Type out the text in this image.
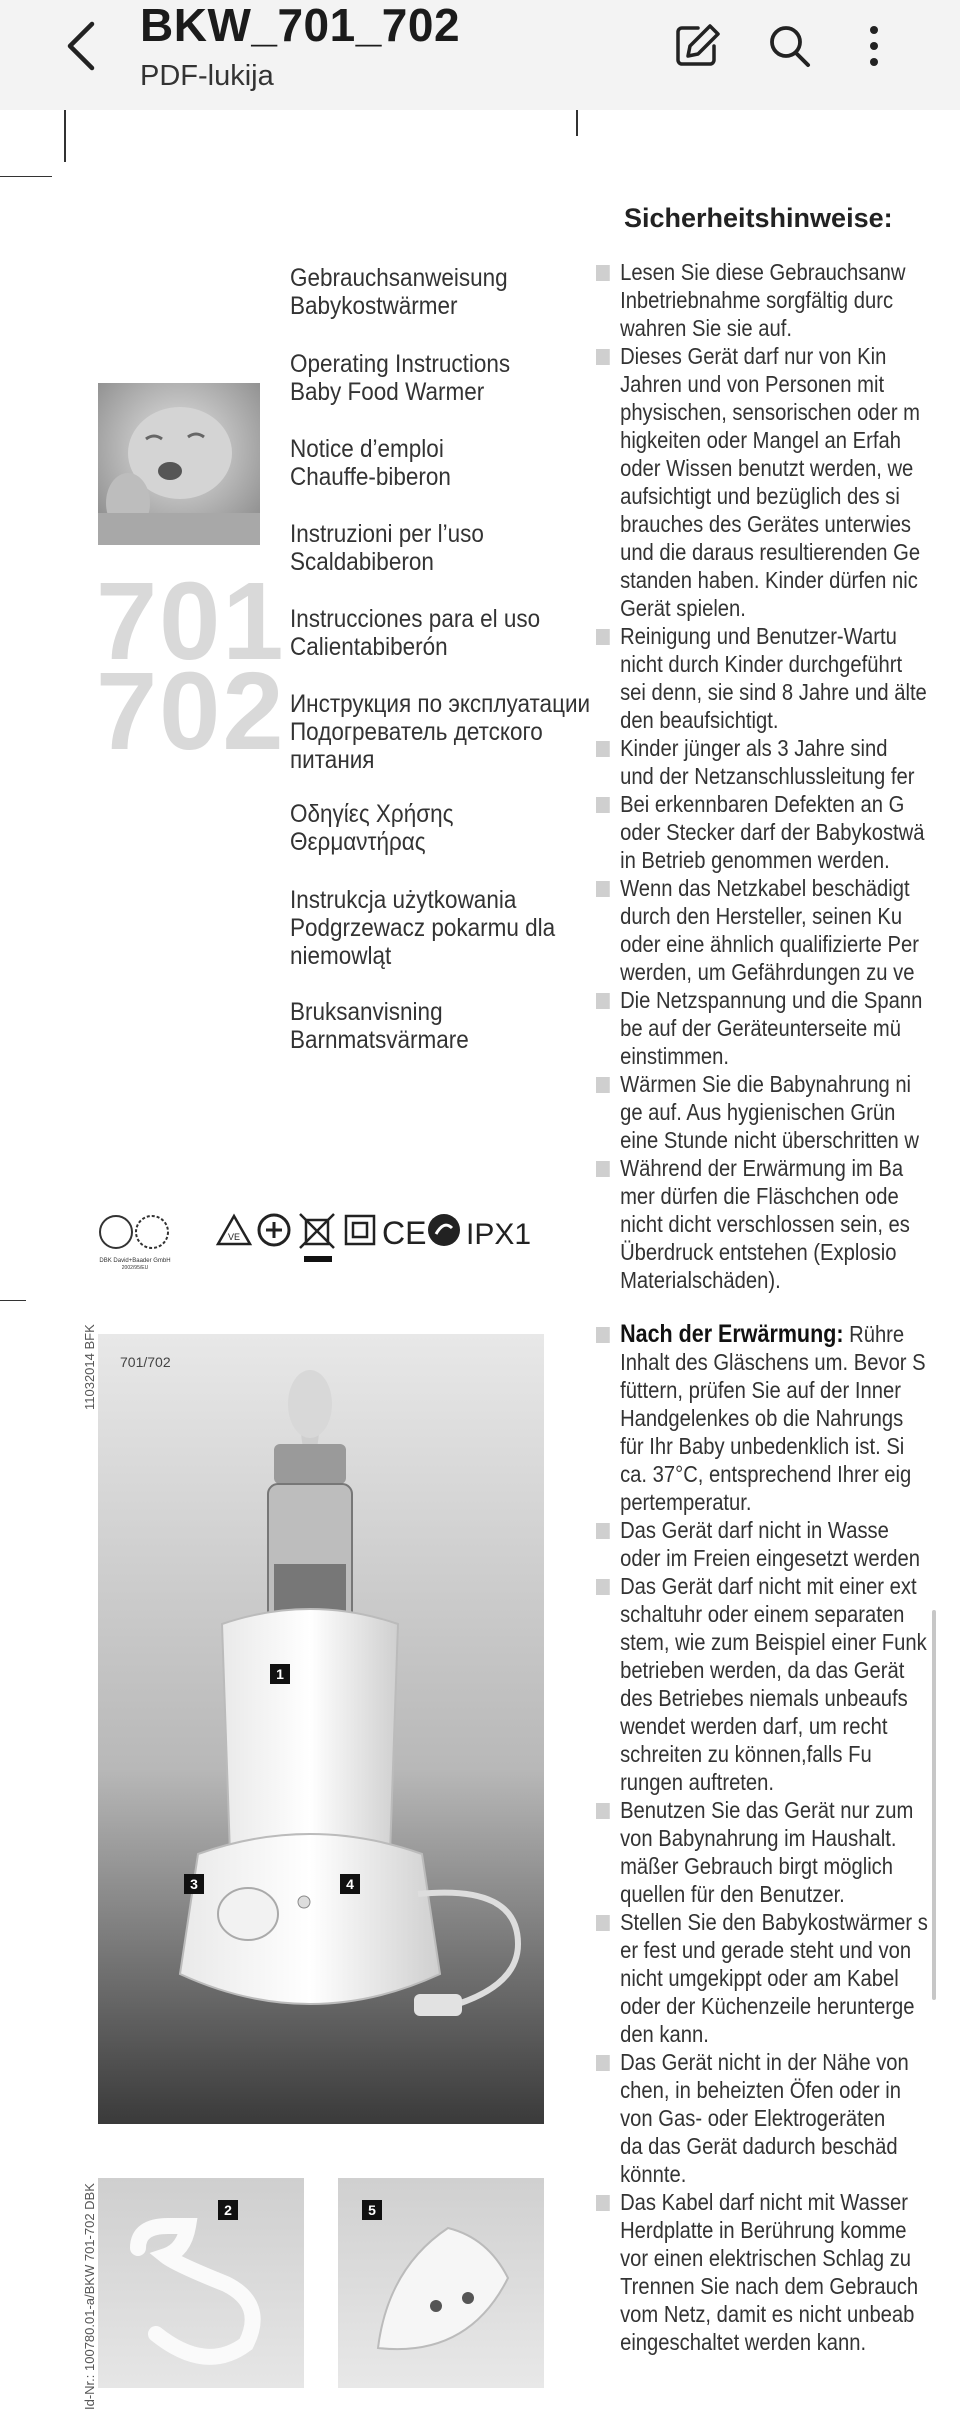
BKW_701_702
PDF-lukija
Sicherheitshinweise:
701
702
Gebrauchsanweisung
Babykostwärmer
Operating Instructions
Baby Food Warmer
Notice d’emploi
Chauffe-biberon
Instruzioni per l’uso
Scaldabiberon
Instrucciones para el uso
Calientabiberón
Инструкция по эксплуатации
Подогреватель детского
питания
Οδηγίες Χρήσης
Θερμαντήρας
Instrukcja użytkowania
Podgrzewacz pokarmu dla
niemowląt
Bruksanvisning
Barnmatsvärmare
DBK David+Baader GmbH
2002/95/EU
VE	CE IPX1
11032014 BFK
Id-Nr.: 100780.01-a/BKW 701-702 DBK
701/702
1
3	4
2	5
Lesen Sie diese Gebrauchsanw
Inbetriebnahme sorgfältig durc
wahren Sie sie auf.
Dieses Gerät darf nur von Kin
Jahren und von Personen mit
physischen, sensorischen oder m
higkeiten oder Mangel an Erfah
oder Wissen benutzt werden, we
aufsichtigt und bezüglich des si
brauches des Gerätes unterwies
und die daraus resultierenden Ge
standen haben. Kinder dürfen nic
Gerät spielen.
Reinigung und Benutzer-Wartu
nicht durch Kinder durchgeführt
sei denn, sie sind 8 Jahre und älte
den beaufsichtigt.
Kinder jünger als 3 Jahre sind
und der Netzanschlussleitung fer
Bei erkennbaren Defekten an G
oder Stecker darf der Babykostwä
in Betrieb genommen werden.
Wenn das Netzkabel beschädigt
durch den Hersteller, seinen Ku
oder eine ähnlich qualifizierte Per
werden, um Gefährdungen zu ve
Die Netzspannung und die Spann
be auf der Geräteunterseite mü
einstimmen.
Wärmen Sie die Babynahrung ni
ge auf. Aus hygienischen Grün
eine Stunde nicht überschritten w
Während der Erwärmung im Ba
mer dürfen die Fläschchen ode
nicht dicht verschlossen sein, es
Überdruck entstehen (Explosio
Materialschäden).
Nach der Erwärmung: Rühre
Inhalt des Gläschens um. Bevor S
füttern, prüfen Sie auf der Inner
Handgelenkes ob die Nahrungs
für Ihr Baby unbedenklich ist. Si
ca. 37°C, entsprechend Ihrer eig
pertemperatur.
Das Gerät darf nicht in Wasse
oder im Freien eingesetzt werden
Das Gerät darf nicht mit einer ext
schaltuhr oder einem separaten
stem, wie zum Beispiel einer Funk
betrieben werden, da das Gerät
des Betriebes niemals unbeaufs
wendet werden darf, um recht
schreiten zu können,falls Fu
rungen auftreten.
Benutzen Sie das Gerät nur zum
von Babynahrung im Haushalt.
mäßer Gebrauch birgt möglich
quellen für den Benutzer.
Stellen Sie den Babykostwärmer s
er fest und gerade steht und von
nicht umgekippt oder am Kabel
oder der Küchenzeile herunterge
den kann.
Das Gerät nicht in der Nähe von
chen, in beheizten Öfen oder in
von Gas- oder Elektrogeräten
da das Gerät dadurch beschäd
könnte.
Das Kabel darf nicht mit Wasser
Herdplatte in Berührung komme
vor einen elektrischen Schlag zu
Trennen Sie nach dem Gebrauch
vom Netz, damit es nicht unbeab
eingeschaltet werden kann.
